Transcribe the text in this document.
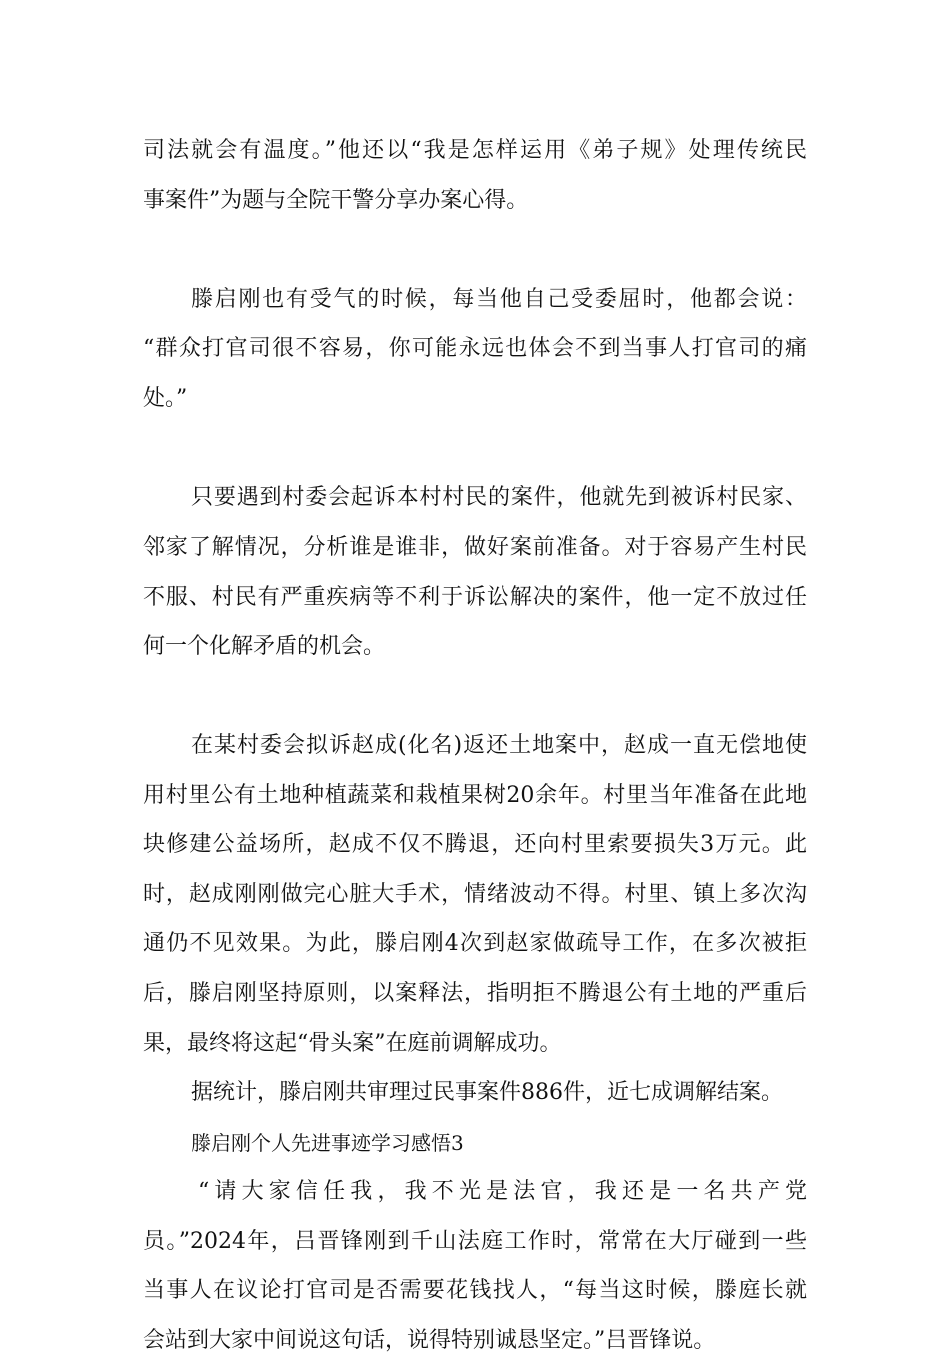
司法就会有温度。”他还以“我是怎样运用《弟子规》处理传统民
事案件”为题与全院干警分享办案心得。
滕启刚也有受气的时候，每当他自己受委屈时，他都会说：
“群众打官司很不容易，你可能永远也体会不到当事人打官司的痛
处。”
只要遇到村委会起诉本村村民的案件，他就先到被诉村民家、
邻家了解情况，分析谁是谁非，做好案前准备。对于容易产生村民
不服、村民有严重疾病等不利于诉讼解决的案件，他一定不放过任
何一个化解矛盾的机会。
在某村委会拟诉赵成(化名)返还土地案中，赵成一直无偿地使
用村里公有土地种植蔬菜和栽植果树20余年。村里当年准备在此地
块修建公益场所，赵成不仅不腾退，还向村里索要损失3万元。此
时，赵成刚刚做完心脏大手术，情绪波动不得。村里、镇上多次沟
通仍不见效果。为此，滕启刚4次到赵家做疏导工作，在多次被拒
后，滕启刚坚持原则，以案释法，指明拒不腾退公有土地的严重后
果，最终将这起“骨头案”在庭前调解成功。
据统计，滕启刚共审理过民事案件886件，近七成调解结案。
滕启刚个人先进事迹学习感悟3
“请大家信任我，我不光是法官，我还是一名共产党
员。”2024年，吕晋锋刚到千山法庭工作时，常常在大厅碰到一些
当事人在议论打官司是否需要花钱找人，“每当这时候，滕庭长就
会站到大家中间说这句话，说得特别诚恳坚定。”吕晋锋说。
